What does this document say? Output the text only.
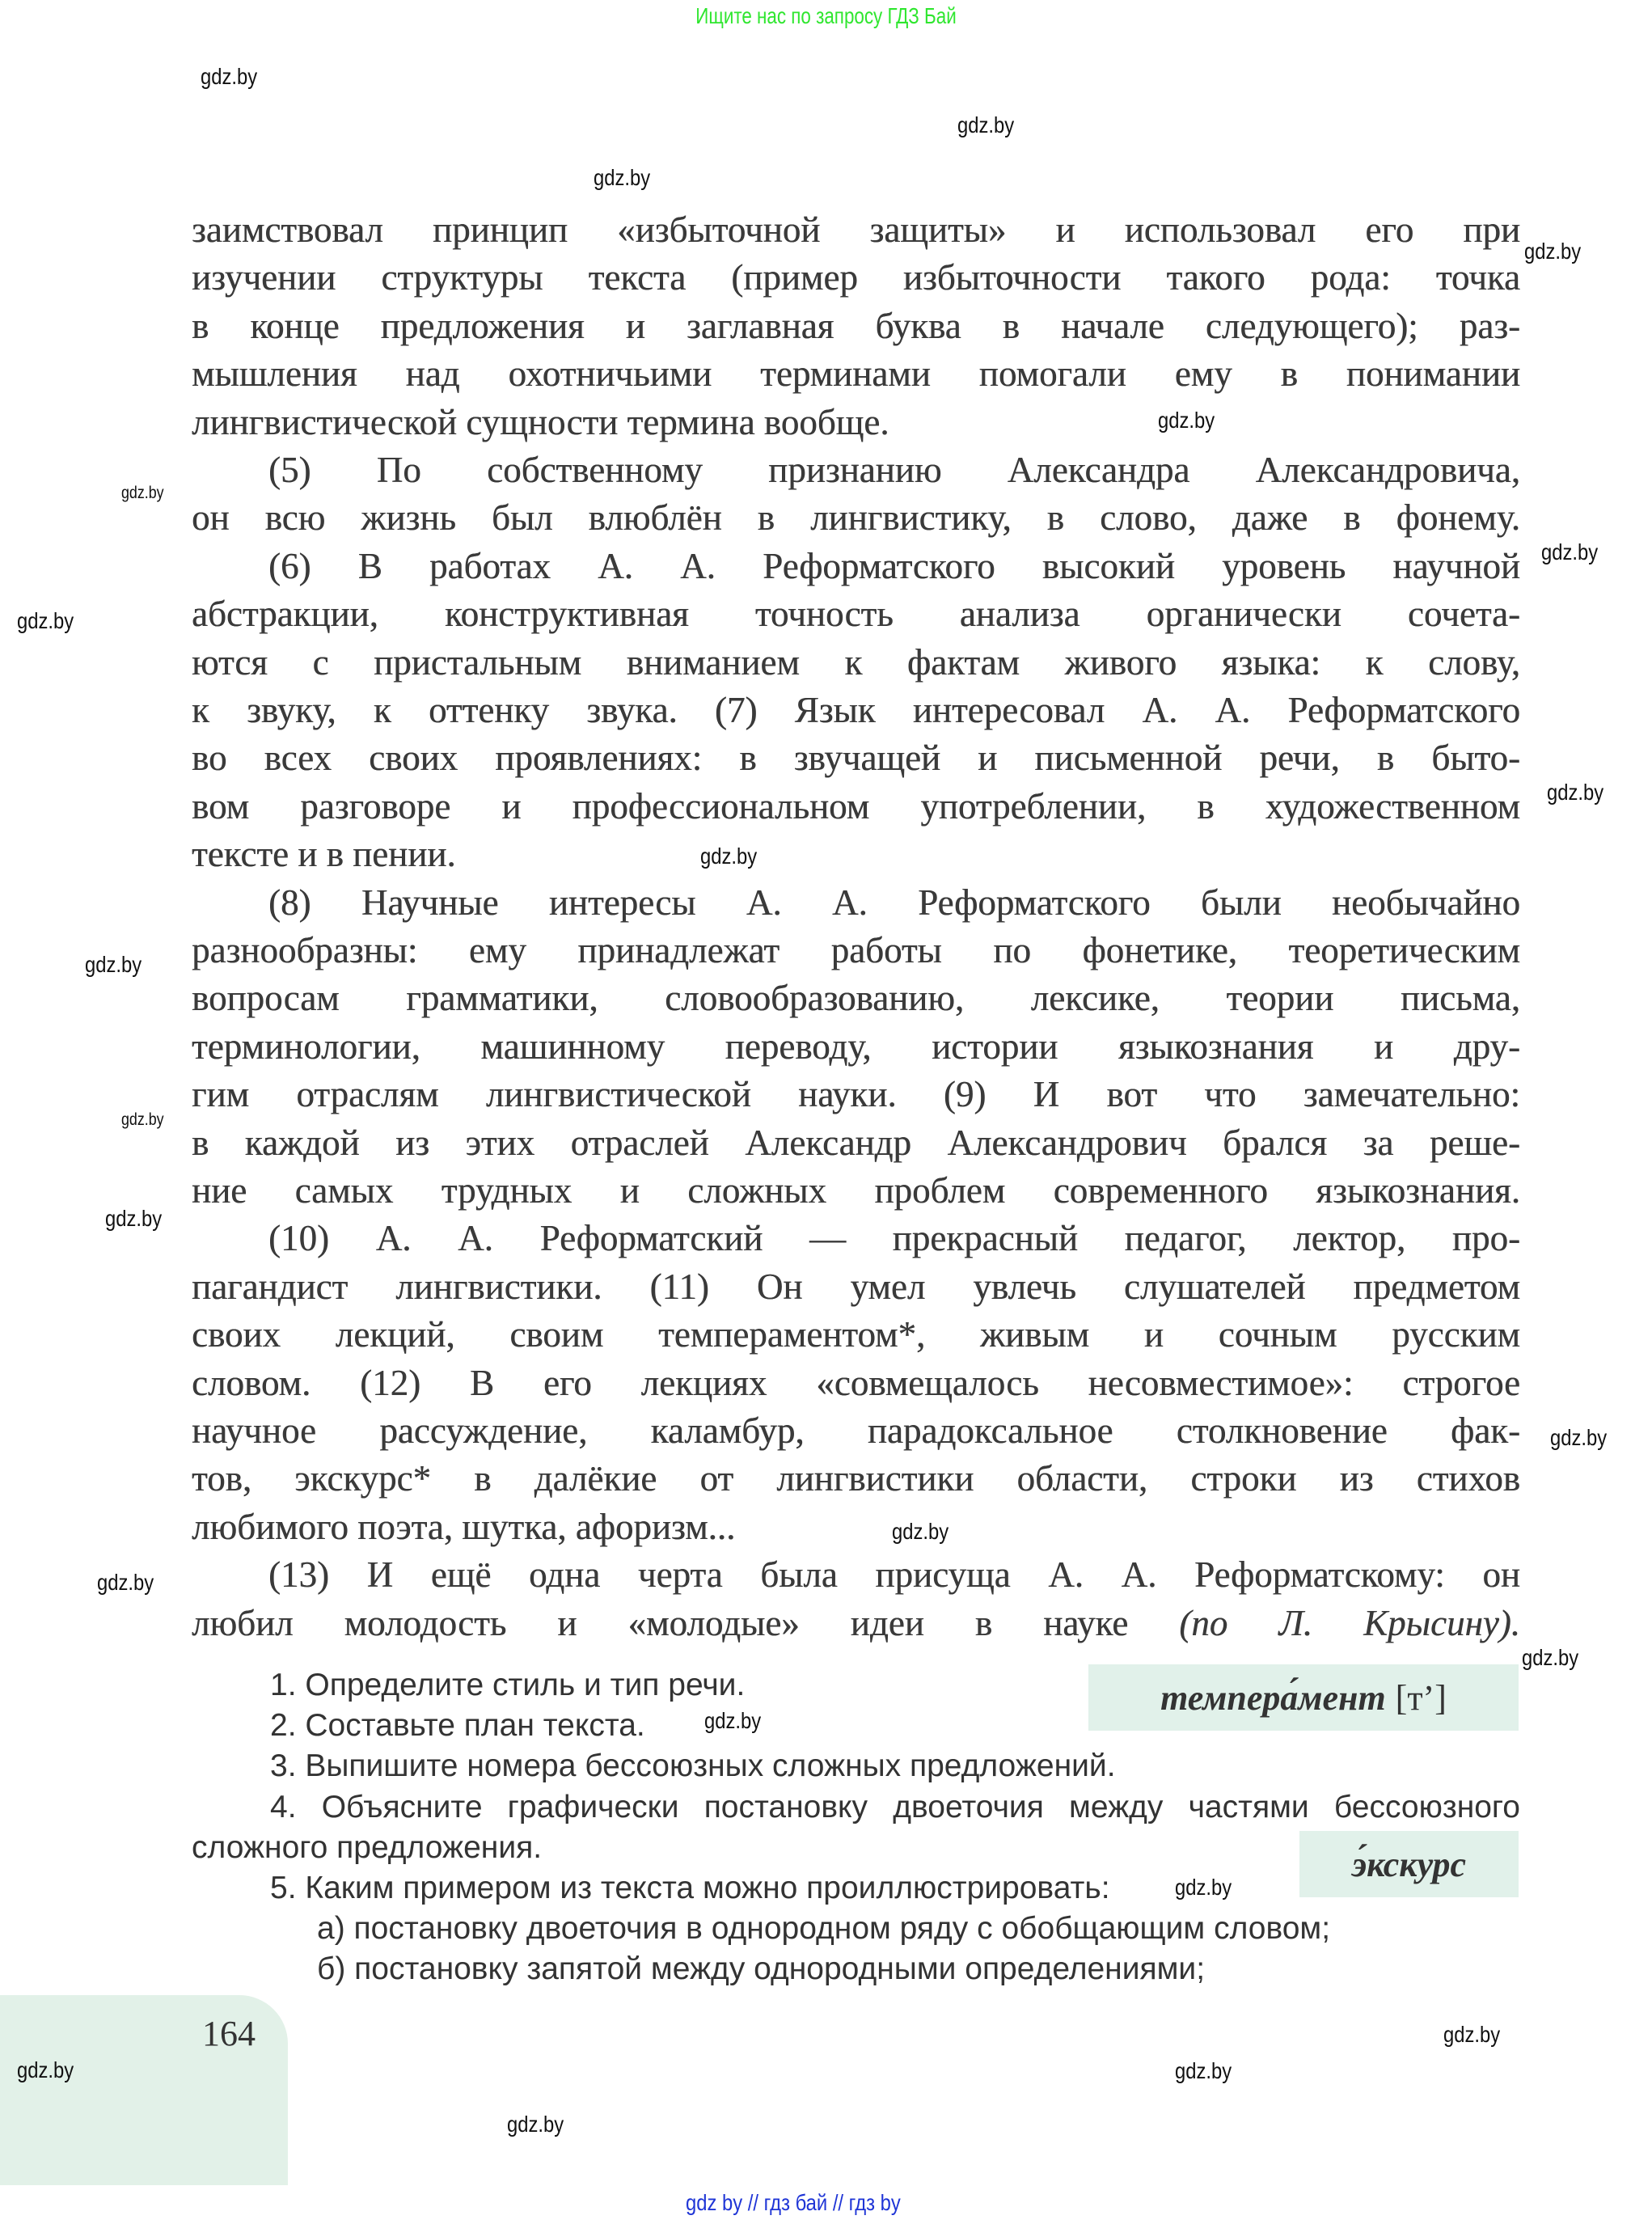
Ищите нас по запросу ГДЗ Бай
заимствовал принцип «избыточной защиты» и использовал его при
изучении структуры текста (пример избыточности такого рода: точка
в конце предложения и заглавная буква в начале следующего); раз-
мышления над охотничьими терминами помогали ему в понимании
лингвистической сущности термина вообще.
(5) По собственному признанию Александра Александровича,
он всю жизнь был влюблён в лингвистику, в слово, даже в фонему.
(6) В работах А. А. Реформатского высокий уровень научной
абстракции, конструктивная точность анализа органически сочета-
ются с пристальным вниманием к фактам живого языка: к слову,
к звуку, к оттенку звука. (7) Язык интересовал А. А. Реформатского
во всех своих проявлениях: в звучащей и письменной речи, в быто-
вом разговоре и профессиональном употреблении, в художественном
тексте и в пении.
(8) Научные интересы А. А. Реформатского были необычайно
разнообразны: ему принадлежат работы по фонетике, теоретическим
вопросам грамматики, словообразованию, лексике, теории письма,
терминологии, машинному переводу, истории языкознания и дру-
гим отраслям лингвистической науки. (9) И вот что замечательно:
в каждой из этих отраслей Александр Александрович брался за реше-
ние самых трудных и сложных проблем современного языкознания.
(10) А. А. Реформатский — прекрасный педагог, лектор, про-
пагандист лингвистики. (11) Он умел увлечь слушателей предметом
своих лекций, своим темпераментом*, живым и сочным русским
словом. (12) В его лекциях «совмещалось несовместимое»: строгое
научное рассуждение, каламбур, парадоксальное столкновение фак-
тов, экскурс* в далёкие от лингвистики области, строки из стихов
любимого поэта, шутка, афоризм...
(13) И ещё одна черта была присуща А. А. Реформатскому: он
любил молодость и «молодые» идеи в науке (по Л. Крысину).
1. Определите стиль и тип речи.
2. Составьте план текста.
3. Выпишите номера бессоюзных сложных предложений.
4. Объясните графически постановку двоеточия между частями бессоюзного
сложного предложения.
5. Каким примером из текста можно проиллюстрировать:
а) постановку двоеточия в однородном ряду с обобщающим словом;
б) постановку запятой между однородными определениями;
темпера́мент [т’]
э́кскурс
164
gdz.by
gdz.by
gdz.by
gdz.by
gdz.by
gdz.by
gdz.by
gdz.by
gdz.by
gdz.by
gdz.by
gdz.by
gdz.by
gdz.by
gdz.by
gdz.by
gdz.by
gdz.by
gdz.by
gdz.by
gdz.by
gdz.by
gdz.by
gdz by // гдз бай // гдз by
